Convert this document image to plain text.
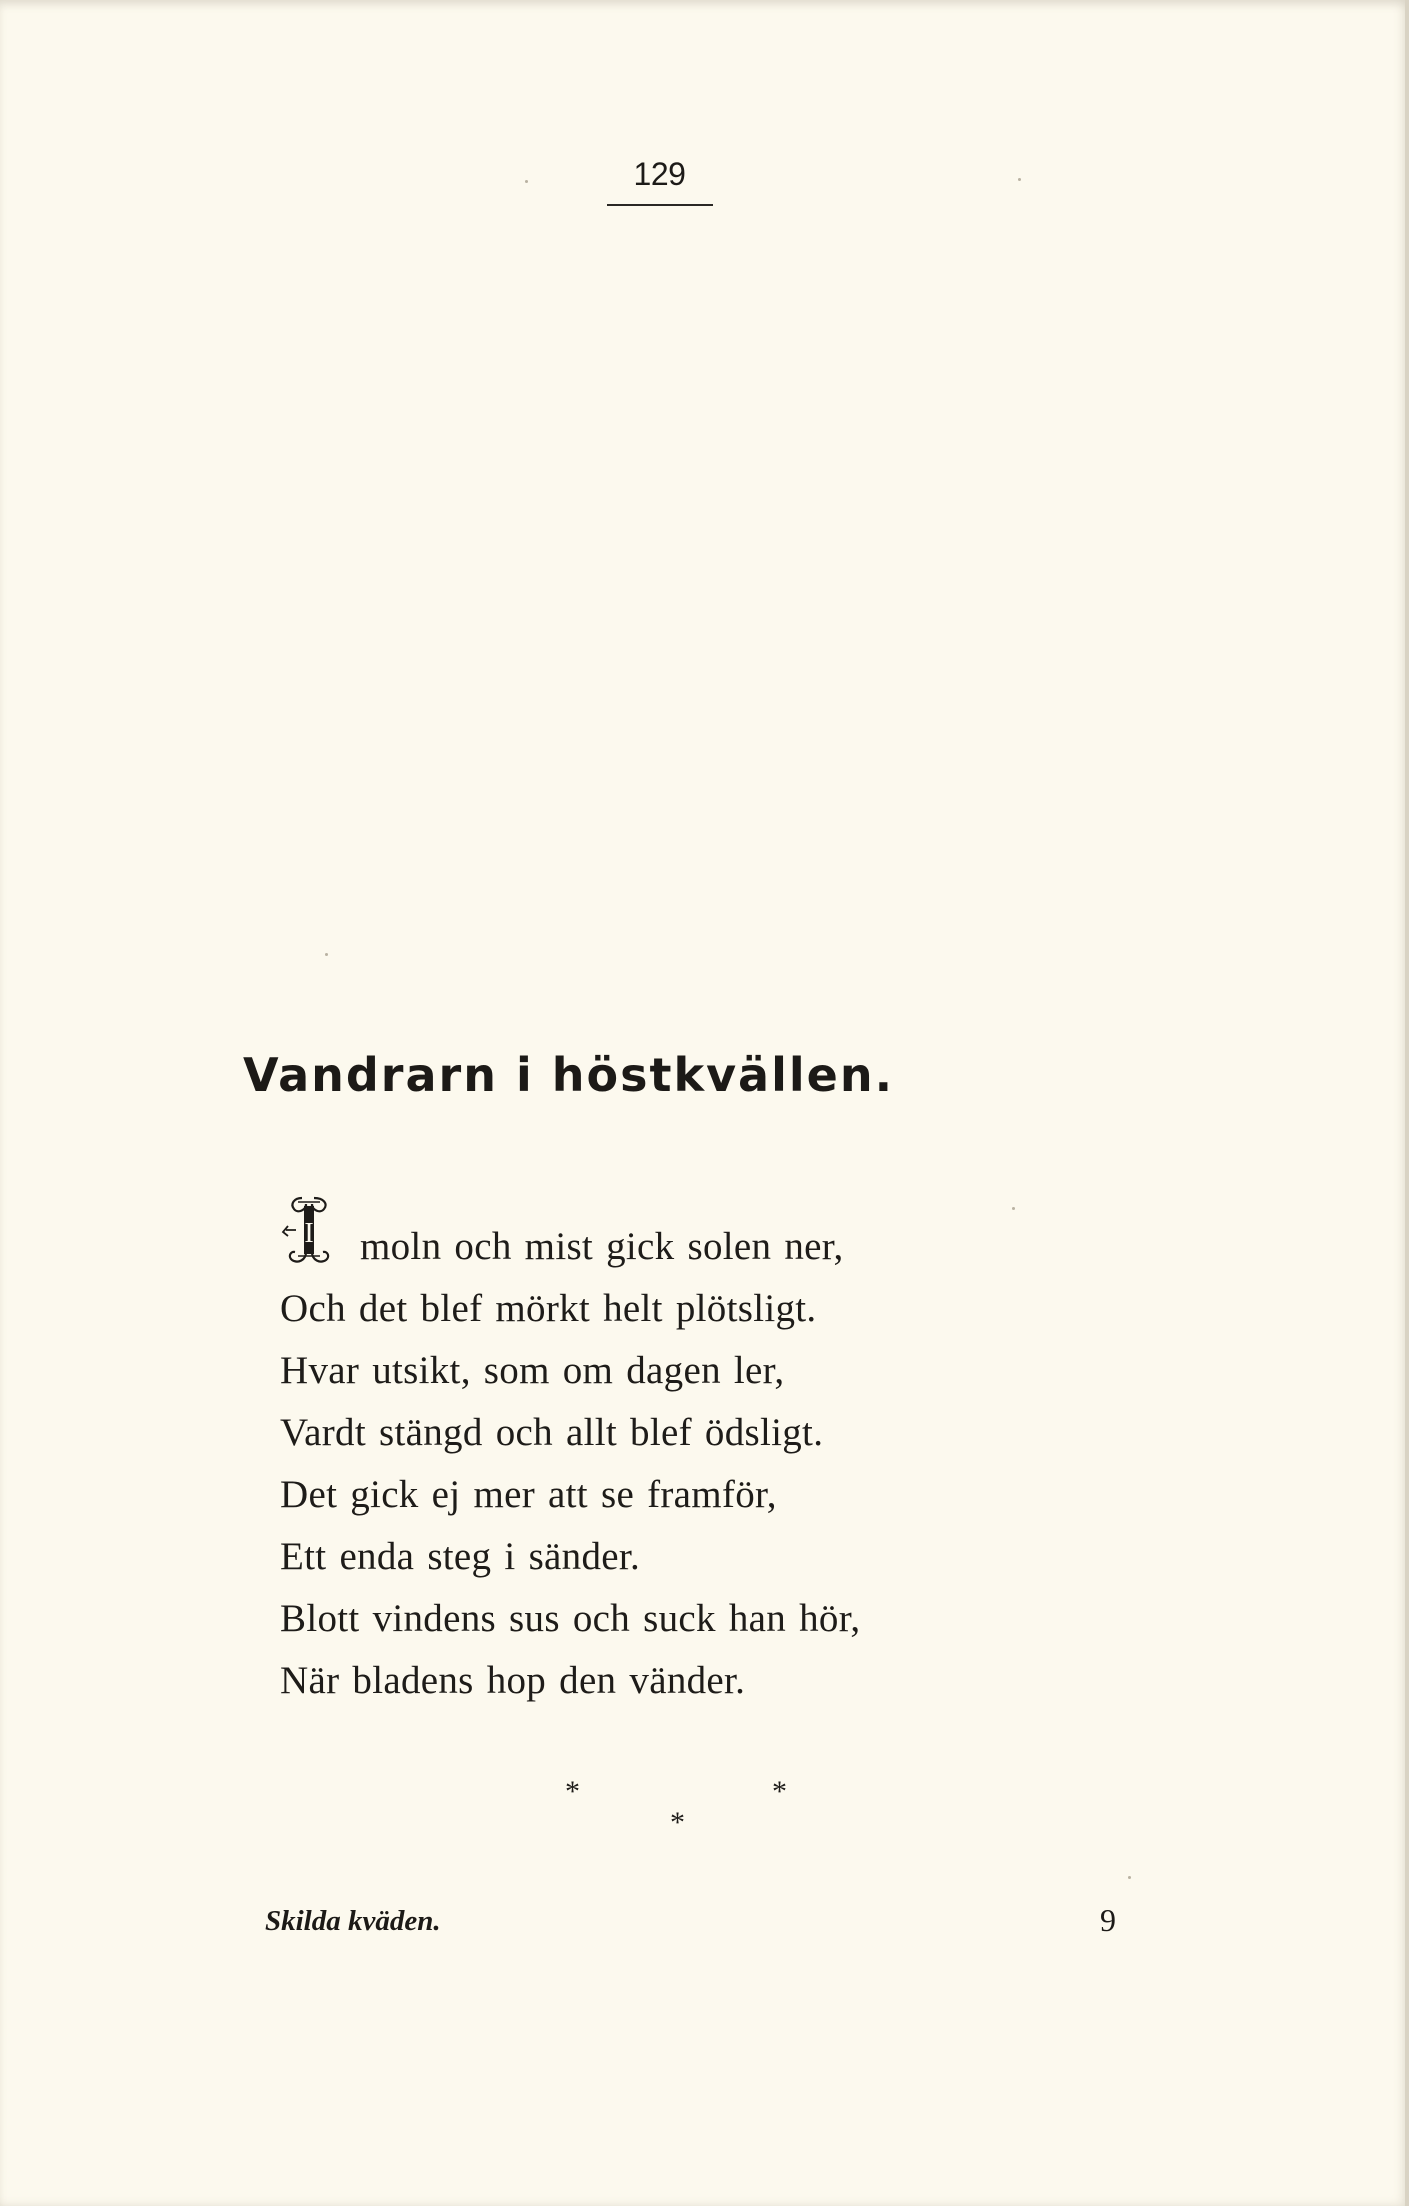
129
Vandrarn i höstkvällen.
I	moln och mist gick solen ner,
Och det blef mörkt helt plötsligt.
Hvar utsikt, som om dagen ler,
Vardt stängd och allt blef ödsligt.
Det gick ej mer att se framför,
Ett enda steg i sänder.
Blott vindens sus och suck han hör,
När bladens hop den vänder.
*	*
*
Skilda kväden.	9
